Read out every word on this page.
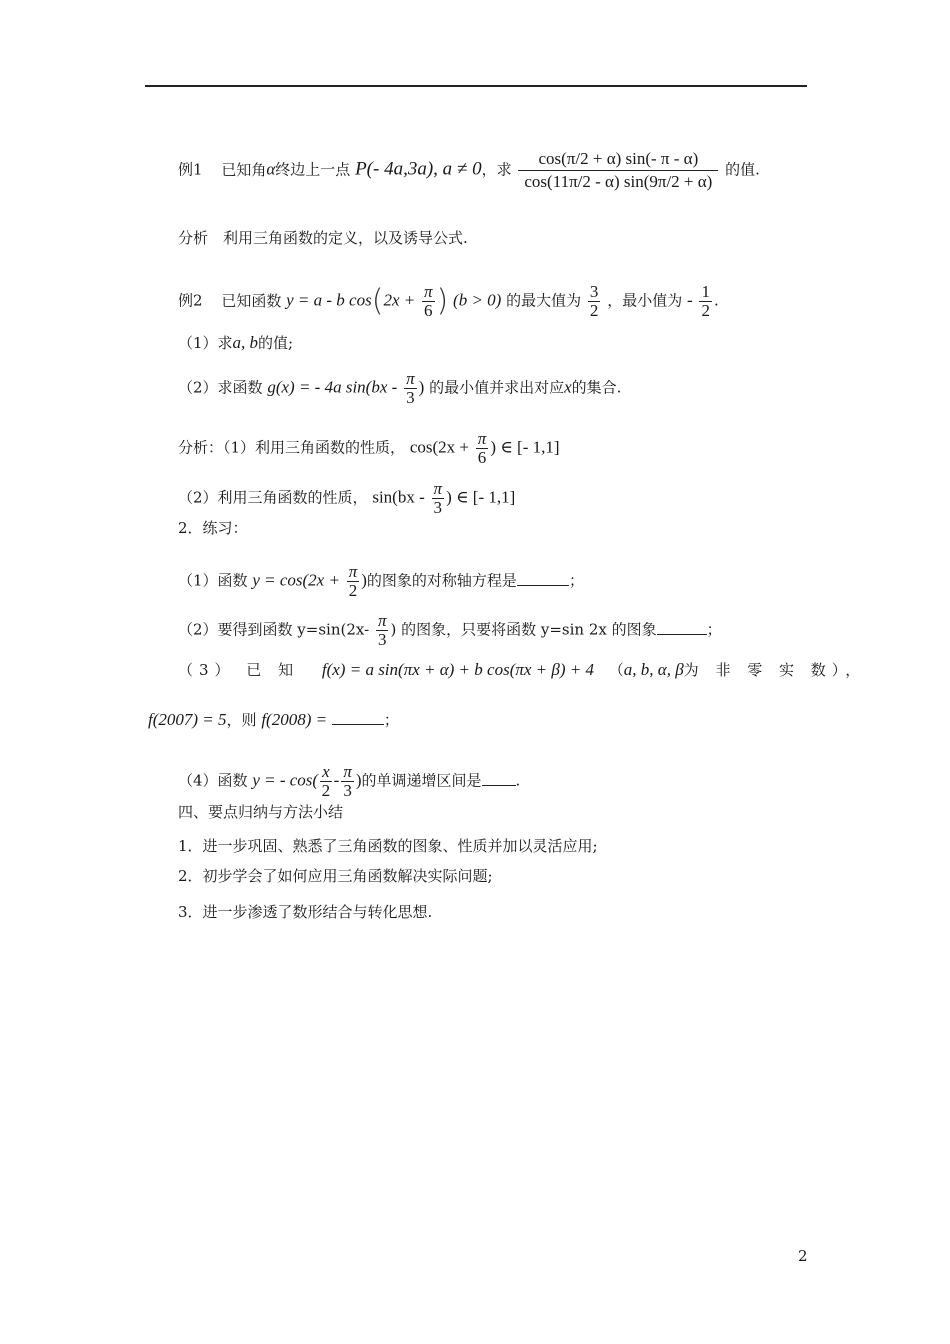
例1 已知角α终边上一点 P(- 4a,3a), a ≠ 0，求 $\frac{\cos(\pi/2 + \alpha) \sin(- \pi - \alpha)}{\cos(11\pi/2 - \alpha) \sin(9\pi/2 + \alpha)}$ 的值.
分析　利用三角函数的定义，以及诱导公式.
例2 已知函数 y = a - b $\cos(2x + \frac{\pi}{6}$ ) (b > 0) 的最大值为 $\frac{3}{2}$ ，最小值为 - $\frac{1}{2}$ .
（1）求a, b的值;
（2）求函数 g(x) = - 4a $\sin(bx - \frac{\pi}{3}$ ) 的最小值并求出对应x的集合.
分析：（1）利用三角函数的性质， $\cos(2x + \frac{\pi}{6}$ ) ∈ [- 1,1]
（2）利用三角函数的性质， $\sin(bx - \frac{\pi}{3}$ ) ∈ [- 1,1]
2．练习：
（1）函数 $y = \cos(2x + \frac{\pi}{2}$ )的图象的对称轴方程是	；
（2）要得到函数 $y=\sin(2x- \frac{\pi}{3}$ ) 的图象，只要将函数 y=sin 2x 的图象	；
（3） 已 知 f(x) = a sin(πx + α) + b cos(πx + β) + 4 （a, b, α, β为 非 零 实 数），
f(2007) = 5，则 f(2008) =	；
（4）函数 y = - $\cos( \frac{x}{2} - \frac{\pi}{3}$ )的单调递增区间是 .
四、要点归纳与方法小结
1．进一步巩固、熟悉了三角函数的图象、性质并加以灵活应用;
2．初步学会了如何应用三角函数解决实际问题;
3．进一步渗透了数形结合与转化思想.
2
